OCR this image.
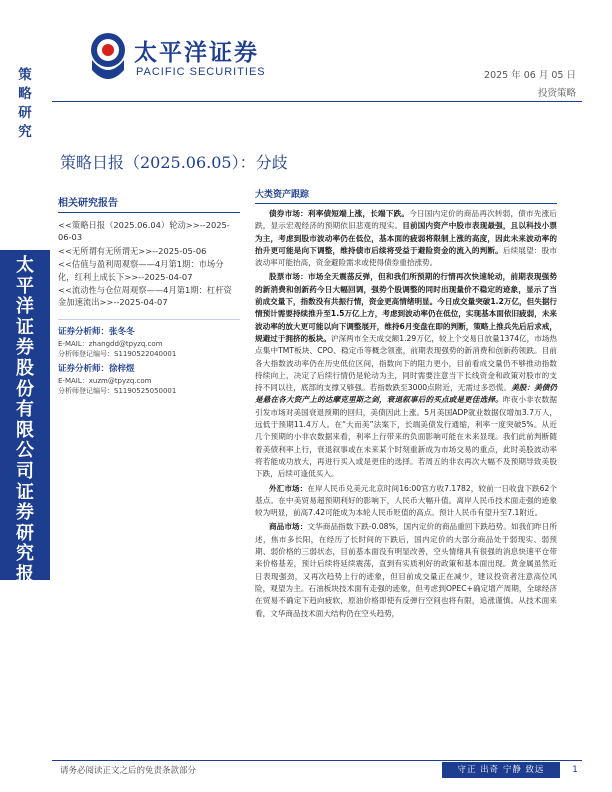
太平洋证券
PACIFIC SECURITIES	2025 年 06 月 05 日
投资策略
策略研究
太平洋证券股份有限公司证券研究报告
策略日报（2025.06.05）：分歧
相关研究报告
<<策略日报（2025.06.04）轮动>>--2025-06-03
<<无所谓有无所谓无>>--2025-05-06
<<估值与盈利周观察——4月第1期：市场分化，红利上成长下>>--2025-04-07
<<流动性与仓位周观察——4月第1期：杠杆资金加速流出>>--2025-04-07
证券分析师：张冬冬
E-MAIL：zhangdd@tpyzq.com
分析师登记编号：S1190522040001
证券分析师：徐梓煜
E-MAIL：xuzm@tpyzq.com
分析师登记编号：S1190525050001
大类资产跟踪

债券市场：利率债短端上涨，长端下跌。今日国内定价的商品再次转弱，债市先涨后跌，显示宏观经济的预期依旧悲观的现实。目前国内资产中股市表现最强，且以科技小票为主，考虑到股市波动率仍在低位，基本面的疲弱将限制上涨的高度，因此未来波动率的抬升更可能是向下调整，维持债市后续将受益于避险资金的流入的判断。后续展望：股市波动率可能抬高，资金避险需求或使得债券重拾涨势。

股票市场：市场全天震荡反弹，但和我们所预期的行情再次快速轮动，前期表现强势的新消费和创新药今日大幅回调，强势个股调整的同时出现量价不稳定的迹象，显示了当前成交量下，指数没有共振行情，资金更高情绪明显。今日成交量突破1.2万亿，但失据行情预计需要持续推升至1.5万亿上方，考虑到波动率仍在低位，实现基本面依旧疲弱，未来波动率的放大更可能以向下调整展开，维持6月变盘在即的判断，策略上推兵先后后求戒，规避过于拥挤的板块。沪深两市全天成交额1.29万亿，较上个交易日放量1374亿，市场热点集中TMT板块、CPO、稳定币等概念领涨，前期表现强势的新消费和创新药领跌。目前各大指数波动率仍在历史低位区间，指数向下的阻力更小，目前看成交量仍不够推动指数持续向上，决定了后续行情仍是轮动为主，同时需要注意当下长线资金和政策对股市的支持不同以往，底部的支撑又够强。若指数跌至3000点附近，无需过多恐慌。美股：美债仍是悬在各大资产上的达摩克里斯之剑，衰退叙事后的买点或是更佳选择。昨夜小非农数据引发市场对美国衰退预期的回归，美债因此上涨。5月美国ADP就业数据仅增加3.7万人，远低于预期11.4万人。在“大而美”法案下，长端美债发行通缩，利率一度突破5%。从近几个预期的小非农数据来看，利率上行带来的负面影响可能在未来显现。我们此前判断随着美债利率上行，衰退叙事或在未来某个时刻重新成为市场交易的重点，此时美股波动率将若能成功放大，再进行买入或是更佳的选择。若周五的非农再次大幅不及预期导致美股下跌，后续可逢低买入。

外汇市场：在岸人民币兑美元北京时间16:00官方收7.1782，较前一日收盘下跌62个基点。在中美贸易超预期利好的影响下，人民币大幅升值。离岸人民币技术面走强的迹象较为明显，前高7.42可能成为本轮人民币贬值的高点。预计人民币有望升至7.1附近。

商品市场：文华商品指数下跌-0.08%，国内定价的商品重回下跌趋势。如我们昨日所述，焦市多长阳，在经历了长时间的下跌后，国内定价的大部分商品处于弱现实、弱预期、弱价格的三弱状态，目前基本面没有明显改善，空头情绪具有很强的消息快速平仓带来价格基差，预计后续将延续震荡，直到有实质利好的政策和基本面出现。黄金属虽然近日表现强劲，又再次趋势上行的迹象，但目前成交量正在减少，建议投资者注意高位风险，观望为主。石油板块技术面有走强的迹象，但考虑到OPEC+确定增产周期，全球经济在贸易不确定下趋向疲软，原油价格即使有反弹行空间也将有限，追涨谨慎。从技术面来看，文华商品技术面大结构仍在空头趋势，

请务必阅读正文之后的免责条款部分	守正 出奇 宁静 致远	1
